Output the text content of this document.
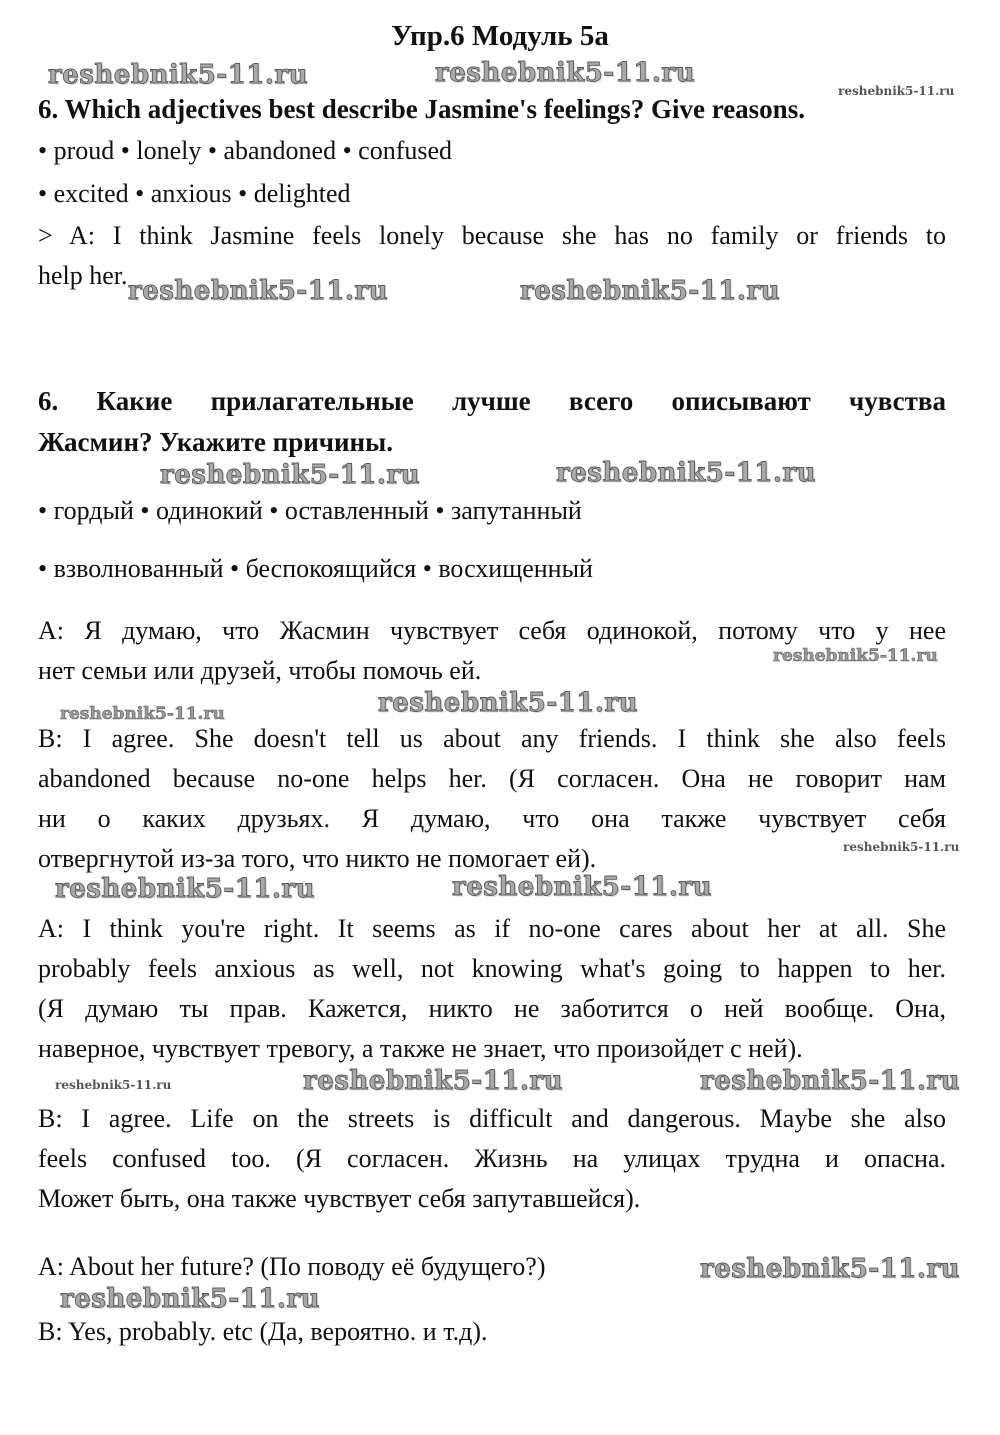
Упр.6 Модуль 5a
reshebnik5-11.ru	reshebnik5-11.ru
reshebnik5-11.ru
6. Which adjectives best describe Jasmine's feelings? Give reasons.
• proud • lonely • abandoned • confused
• excited • anxious • delighted
> A: I think Jasmine feels lonely because she has no family or friends to
help her.
reshebnik5-11.ru	reshebnik5-11.ru
6. Какие прилагательные лучше всего описывают чувства
Жасмин? Укажите причины.
reshebnik5-11.ru	reshebnik5-11.ru
• гордый • одинокий • оставленный • запутанный
• взволнованный • беспокоящийся • восхищенный
А: Я думаю, что Жасмин чувствует себя одинокой, потому что у нее
нет семьи или друзей, чтобы помочь ей.	reshebnik5-11.ru
reshebnik5-11.ru
reshebnik5-11.ru
B: I agree. She doesn't tell us about any friends. I think she also feels
abandoned because no-one helps her. (Я согласен. Она не говорит нам
ни о каких друзьях. Я думаю, что она также чувствует себя
отвергнутой из-за того, что никто не помогает ей).	reshebnik5-11.ru
reshebnik5-11.ru	reshebnik5-11.ru
A: I think you're right. It seems as if no-one cares about her at all. She
probably feels anxious as well, not knowing what's going to happen to her.
(Я думаю ты прав. Кажется, никто не заботится о ней вообще. Она,
наверное, чувствует тревогу, а также не знает, что произойдет с ней).
reshebnik5-11.ru	reshebnik5-11.ru	reshebnik5-11.ru
B: I agree. Life on the streets is difficult and dangerous. Maybe she also
feels confused too. (Я согласен. Жизнь на улицах трудна и опасна.
Может быть, она также чувствует себя запутавшейся).
A: About her future? (По поводу её будущего?)	reshebnik5-11.ru
reshebnik5-11.ru
B: Yes, probably. etc (Да, вероятно. и т.д).
